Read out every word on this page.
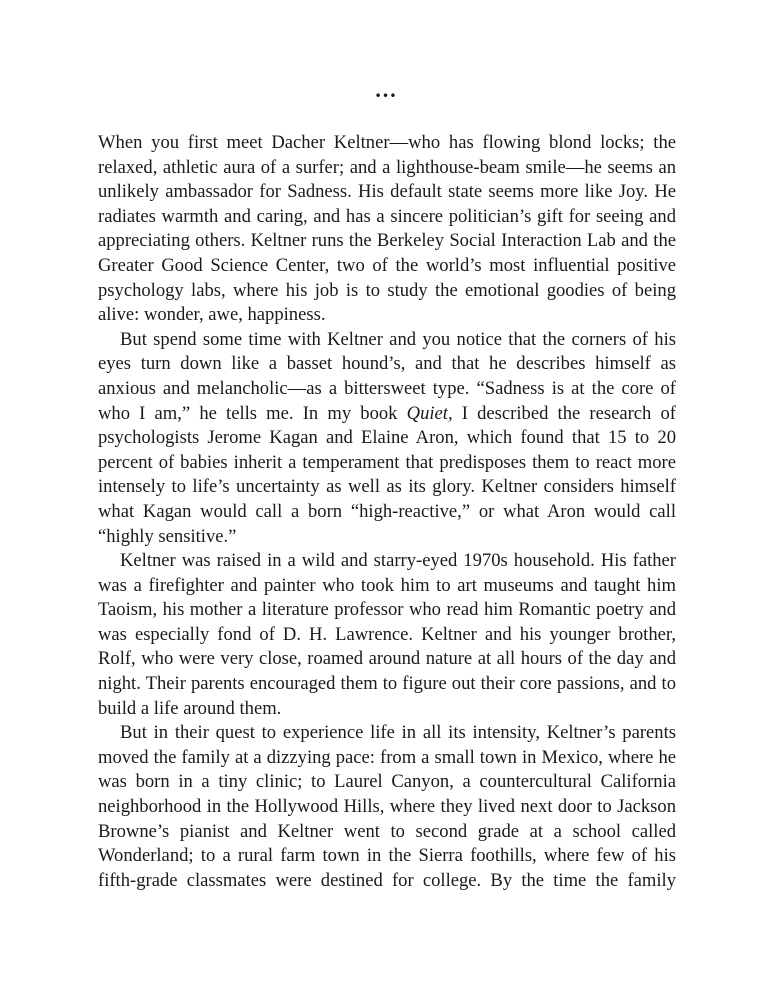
…

When you first meet Dacher Keltner—who has flowing blond locks; the relaxed, athletic aura of a surfer; and a lighthouse-beam smile—he seems an unlikely ambassador for Sadness. His default state seems more like Joy. He radiates warmth and caring, and has a sincere politician’s gift for seeing and appreciating others. Keltner runs the Berkeley Social Interaction Lab and the Greater Good Science Center, two of the world’s most influential positive psychology labs, where his job is to study the emotional goodies of being alive: wonder, awe, happiness.

But spend some time with Keltner and you notice that the corners of his eyes turn down like a basset hound’s, and that he describes himself as anxious and melancholic—as a bittersweet type. “Sadness is at the core of who I am,” he tells me. In my book Quiet, I described the research of psychologists Jerome Kagan and Elaine Aron, which found that 15 to 20 percent of babies inherit a temperament that predisposes them to react more intensely to life’s uncertainty as well as its glory. Keltner considers himself what Kagan would call a born “high-reactive,” or what Aron would call “highly sensitive.”

Keltner was raised in a wild and starry-eyed 1970s household. His father was a firefighter and painter who took him to art museums and taught him Taoism, his mother a literature professor who read him Romantic poetry and was especially fond of D. H. Lawrence. Keltner and his younger brother, Rolf, who were very close, roamed around nature at all hours of the day and night. Their parents encouraged them to figure out their core passions, and to build a life around them.

But in their quest to experience life in all its intensity, Keltner’s parents moved the family at a dizzying pace: from a small town in Mexico, where he was born in a tiny clinic; to Laurel Canyon, a countercultural California neighborhood in the Hollywood Hills, where they lived next door to Jackson Browne’s pianist and Keltner went to second grade at a school called Wonderland; to a rural farm town in the Sierra foothills, where few of his fifth-grade classmates were destined for college. By the time the family
